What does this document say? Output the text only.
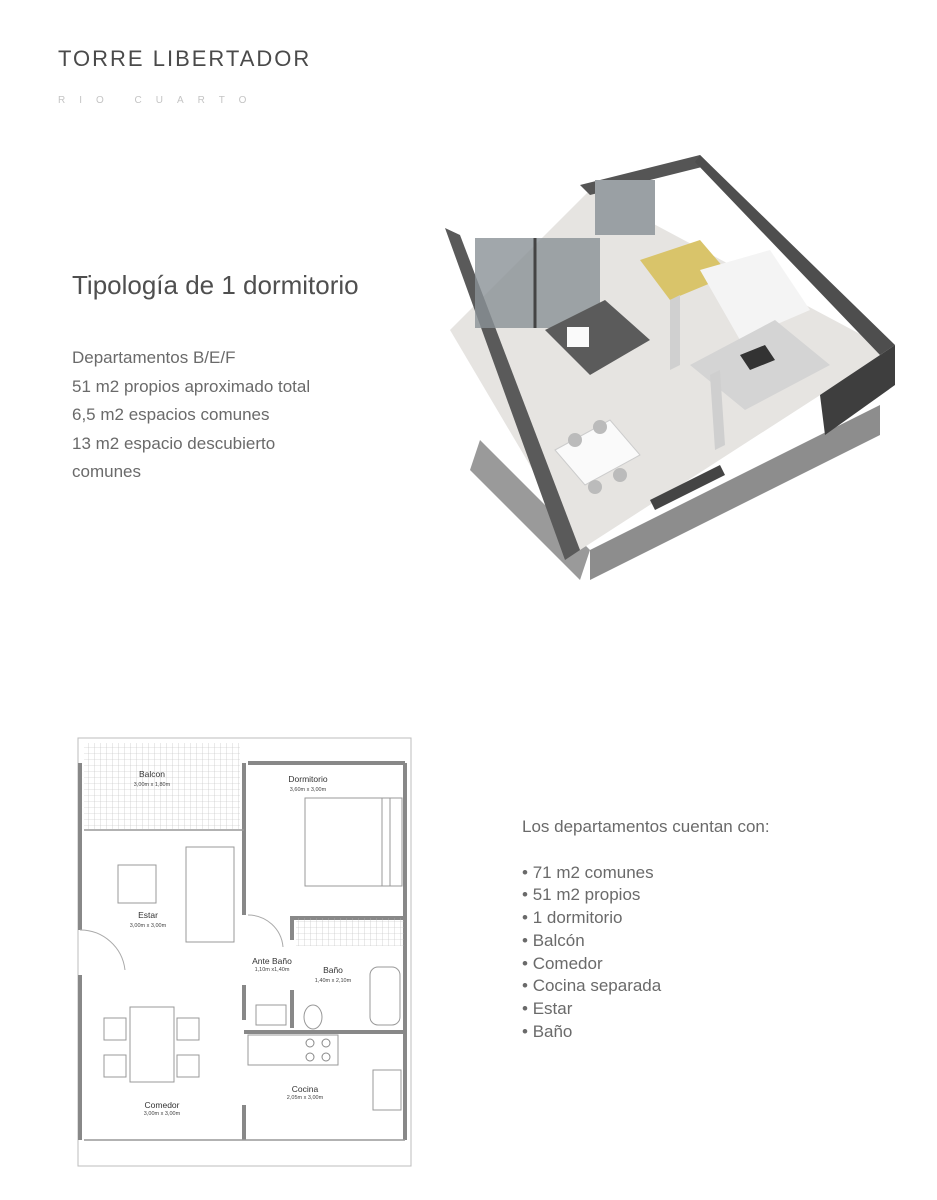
TORRE LIBERTADOR
RIO CUARTO
Tipología de 1 dormitorio
Departamentos B/E/F
51 m2 propios aproximado total
6,5 m2 espacios comunes
13 m2 espacio descubierto
comunes
Balcon	Dormitorio
Estar
Ante Baño
Baño
Cocina
Comedor
3,00m x 1,80m
3,60m x 3,00m
3,00m x 3,00m
1,10m x1,40m
1,40m x 2,10m
2,05m x 3,00m
3,00m x 3,00m
Los departamentos cuentan con:
• 71 m2 comunes
• 51 m2 propios
• 1 dormitorio
• Balcón
• Comedor
• Cocina separada
• Estar
• Baño
